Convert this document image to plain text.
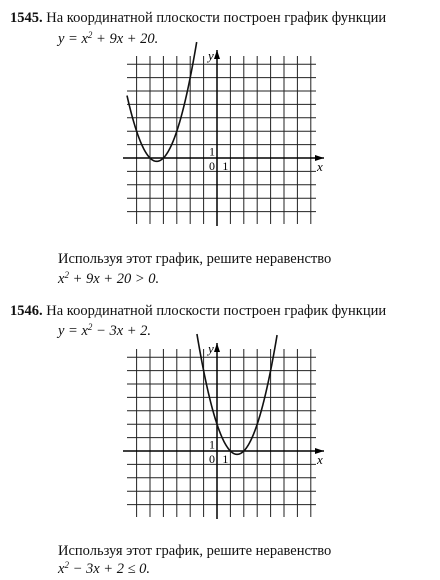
1545. На координатной плоскости построен график функции
$y = x^2 + 9x + 20$.
y
x
1
0 1
Используя этот график, решите неравенство
$x^2 + 9x + 20 > 0$.
1546. На координатной плоскости построен график функции
$y = x^2 - 3x + 2$.
y
x
1
0 1
Используя этот график, решите неравенство
$x^2 - 3x + 2 \le 0$.
